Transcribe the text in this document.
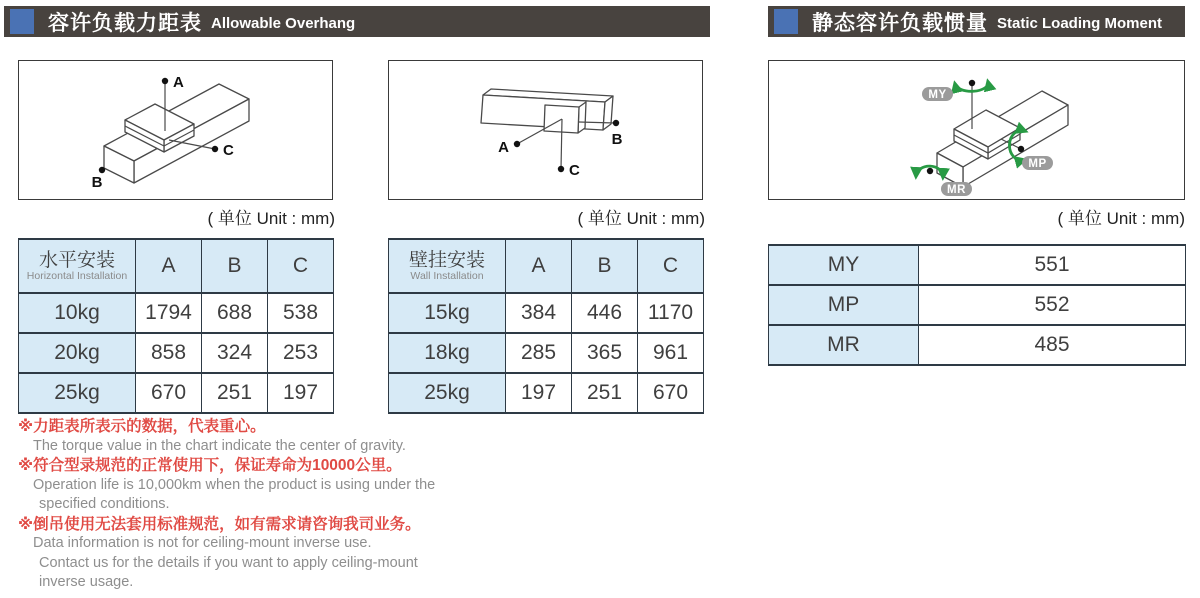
容许负载力距表 Allowable Overhang	静态容许负载惯量 Static Loading Moment
A
C
B
A
C
B
MY
MP
MR
( 单位 Unit : mm)	( 单位 Unit : mm)	( 单位 Unit : mm)
水平安装
Horizontal Installation	A	B	C
10kg	1794	688	538
20kg	858	324	253
25kg	670	251	197
壁挂安装
Wall Installation	A	B	C
15kg	384	446	1170
18kg	285	365	961
25kg	197	251	670
MY	551
MP	552
MR	485
※力距表所表示的数据，代表重心。
The torque value in the chart indicate the center of gravity.
※符合型录规范的正常使用下，保证寿命为10000公里。
Operation life is 10,000km when the product is using under the
specified conditions.
※倒吊使用无法套用标准规范，如有需求请咨询我司业务。
Data information is not for ceiling-mount inverse use.
Contact us for the details if you want to apply ceiling-mount
inverse usage.
